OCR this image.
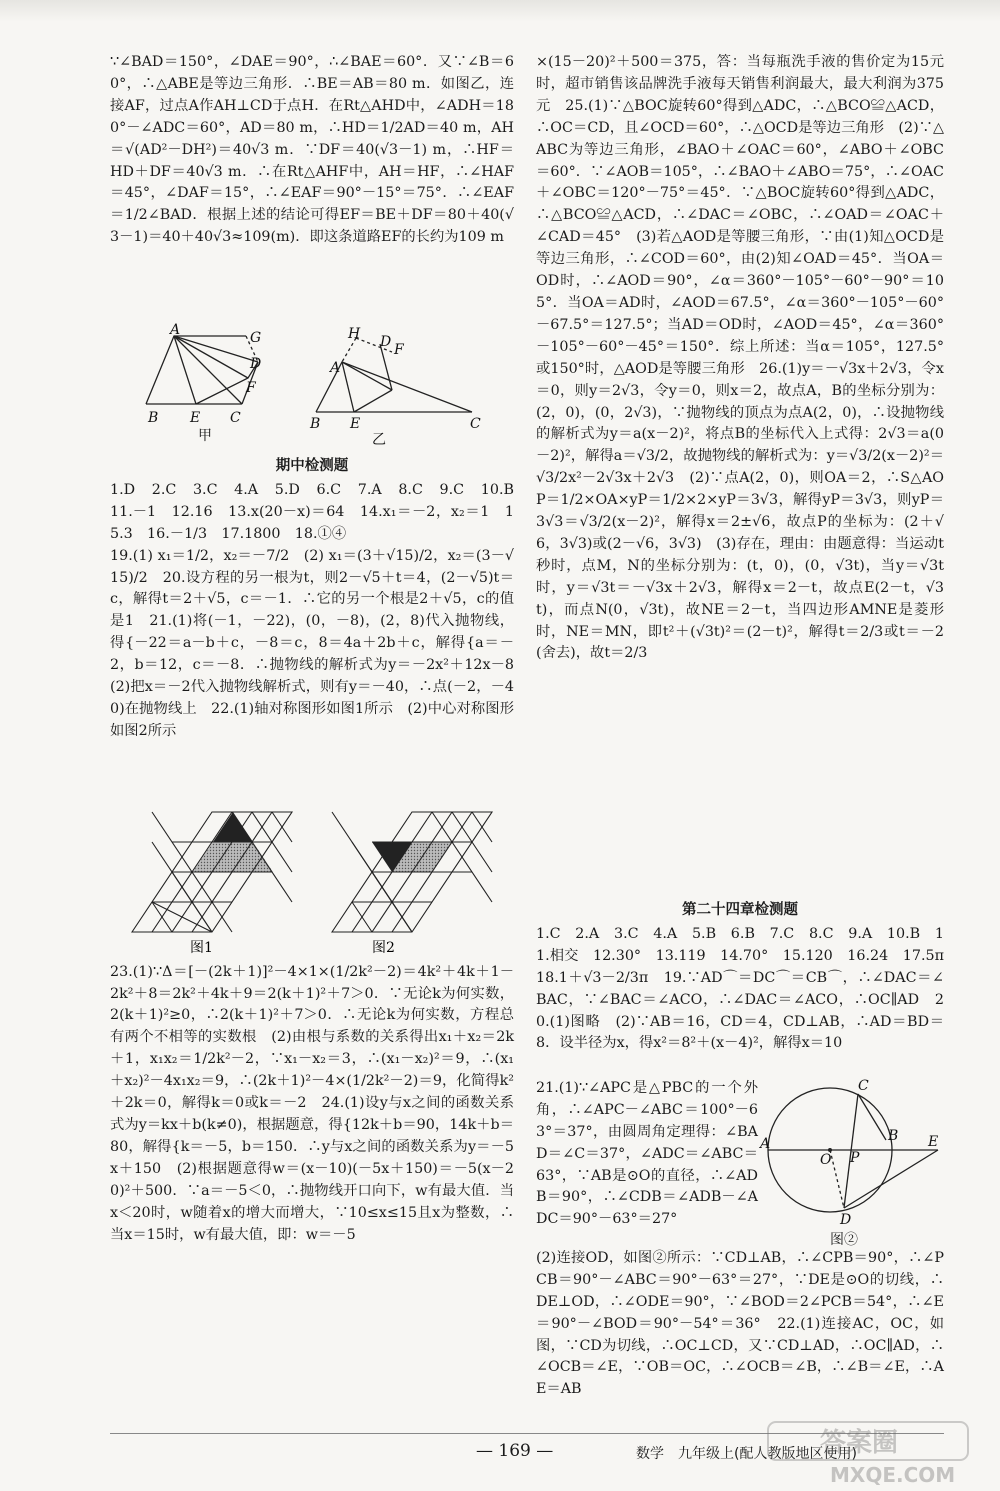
∵∠BAD＝150°，∠DAE＝90°，∴∠BAE＝60°．又∵∠B＝60°，∴△ABE是等边三角形．∴BE＝AB＝80 m．如图乙，连接AF，过点A作AH⊥CD于点H．在Rt△AHD中，∠ADH＝180°－∠ADC＝60°，AD＝80 m，∴HD＝1/2AD＝40 m，AH＝√(AD²－DH²)＝40√3 m．∵DF＝40(√3－1) m，∴HF＝HD＋DF＝40√3 m．∴在Rt△AHF中，AH＝HF，∴∠HAF＝45°，∠DAF＝15°，∴∠EAF＝90°－15°＝75°．∴∠EAF＝1/2∠BAD．根据上述的结论可得EF＝BE＋DF＝80＋40(√3－1)＝40＋40√3≈109(m)．即这条道路EF的长约为109 m

A	G
D
F
B E C
甲
H D F
A
B E	C
乙
期中检测题

1.D　2.C　3.C　4.A　5.D　6.C　7.A　8.C　9.C　10.B　11.－1　12.16　13.x(20－x)＝64　14.x₁＝－2，x₂＝1　15.3　16.－1/3　17.1800　18.①④

19.(1) x₁＝1/2，x₂＝－7/2　(2) x₁＝(3＋√15)/2，x₂＝(3－√15)/2　20.设方程的另一根为t，则2－√5＋t＝4，(2－√5)t＝c，解得t＝2＋√5，c＝－1．∴它的另一个根是2＋√5，c的值是1　21.(1)将(－1，－22)，(0，－8)，(2，8)代入抛物线，得{－22＝a－b＋c，－8＝c，8＝4a＋2b＋c，解得{a＝－2，b＝12，c＝－8．∴抛物线的解析式为y＝－2x²＋12x－8　(2)把x＝－2代入抛物线解析式，则有y＝－40，∴点(－2，－40)在抛物线上　22.(1)轴对称图形如图1所示　(2)中心对称图形如图2所示

图1	图2

23.(1)∵Δ＝[－(2k＋1)]²－4×1×(1/2k²－2)＝4k²＋4k＋1－2k²＋8＝2k²＋4k＋9＝2(k＋1)²＋7＞0．∵无论k为何实数，2(k＋1)²≥0，∴2(k＋1)²＋7＞0．∴无论k为何实数，方程总有两个不相等的实数根　(2)由根与系数的关系得出x₁＋x₂＝2k＋1，x₁x₂＝1/2k²－2，∵x₁－x₂＝3，∴(x₁－x₂)²＝9，∴(x₁＋x₂)²－4x₁x₂＝9，∴(2k＋1)²－4×(1/2k²－2)＝9，化简得k²＋2k＝0，解得k＝0或k＝－2　24.(1)设y与x之间的函数关系式为y＝kx＋b(k≠0)，根据题意，得{12k＋b＝90，14k＋b＝80，解得{k＝－5，b＝150．∴y与x之间的函数关系为y＝－5x＋150　(2)根据题意得w＝(x－10)(－5x＋150)＝－5(x－20)²＋500．∵a＝－5＜0，∴抛物线开口向下，w有最大值．当x＜20时，w随着x的增大而增大，∵10≤x≤15且x为整数，∴当x＝15时，w有最大值，即：w＝－5

×(15－20)²＋500＝375，答：当每瓶洗手液的售价定为15元时，超市销售该品牌洗手液每天销售利润最大，最大利润为375元　25.(1)∵△BOC旋转60°得到△ADC，∴△BCO≌△ACD，∴OC＝CD，且∠OCD＝60°，∴△OCD是等边三角形　(2)∵△ABC为等边三角形，∠BAO＋∠OAC＝60°，∠ABO＋∠OBC＝60°．∵∠AOB＝105°，∴∠BAO＋∠ABO＝75°，∴∠OAC＋∠OBC＝120°－75°＝45°．∵△BOC旋转60°得到△ADC，∴△BCO≌△ACD，∴∠DAC＝∠OBC，∴∠OAD＝∠OAC＋∠CAD＝45°　(3)若△AOD是等腰三角形，∵由(1)知△OCD是等边三角形，∴∠COD＝60°，由(2)知∠OAD＝45°．当OA＝OD时，∴∠AOD＝90°，∠α＝360°－105°－60°－90°＝105°．当OA＝AD时，∠AOD＝67.5°，∠α＝360°－105°－60°－67.5°＝127.5°；当AD＝OD时，∠AOD＝45°，∠α＝360°－105°－60°－45°＝150°．综上所述：当α＝105°，127.5°或150°时，△AOD是等腰三角形　26.(1)y＝－√3x＋2√3，令x＝0，则y＝2√3，令y＝0，则x＝2，故点A，B的坐标分别为：(2，0)，(0，2√3)，∵抛物线的顶点为点A(2，0)，∴设抛物线的解析式为y＝a(x－2)²，将点B的坐标代入上式得：2√3＝a(0－2)²，解得a＝√3/2，故抛物线的解析式为：y＝√3/2(x－2)²＝√3/2x²－2√3x＋2√3　(2)∵点A(2，0)，则OA＝2，∴S△AOP＝1/2×OA×yP＝1/2×2×yP＝3√3，解得yP＝3√3，则yP＝3√3＝√3/2(x－2)²，解得x＝2±√6，故点P的坐标为：(2＋√6，3√3)或(2－√6，3√3)　(3)存在，理由：由题意得：当运动t秒时，点M，N的坐标分别为：(t，0)，(0，√3t)，当y＝√3t时，y＝√3t＝－√3x＋2√3，解得x＝2－t，故点E(2－t，√3t)，而点N(0，√3t)，故NE＝2－t，当四边形AMNE是菱形时，NE＝MN，即t²＋(√3t)²＝(2－t)²，解得t＝2/3或t＝－2(舍去)，故t＝2/3

第二十四章检测题

1.C　2.A　3.C　4.A　5.B　6.B　7.C　8.C　9.A　10.B　11.相交　12.30°　13.119　14.70°　15.120　16.24　17.5π　18.1＋√3－2/3π　19.∵AD⌒＝DC⌒＝CB⌒，∴∠DAC＝∠BAC，∵∠BAC＝∠ACO，∴∠DAC＝∠ACO，∴OC∥AD　20.(1)图略　(2)∵AB＝16，CD＝4，CD⊥AB，∴AD＝BD＝8．设半径为x，得x²＝8²＋(x－4)²，解得x＝10

21.(1)∵∠APC是△PBC的一个外角，∴∠APC－∠ABC＝100°－63°＝37°，由圆周角定理得：∠BAD＝∠C＝37°，∠ADC＝∠ABC＝63°，∵AB是⊙O的直径，∴∠ADB＝90°，∴∠CDB＝∠ADB－∠ADC＝90°－63°＝27°

C
B
A
O P
E
D
图②

(2)连接OD，如图②所示：∵CD⊥AB，∴∠CPB＝90°，∴∠PCB＝90°－∠ABC＝90°－63°＝27°，∵DE是⊙O的切线，∴DE⊥OD，∴∠ODE＝90°，∵∠BOD＝2∠PCB＝54°，∴∠E＝90°－∠BOD＝90°－54°＝36°　22.(1)连接AC，OC，如图，∵CD为切线，∴OC⊥CD，又∵CD⊥AD，∴OC∥AD，∴∠OCB＝∠E，∵OB＝OC，∴∠OCB＝∠B，∴∠B＝∠E，∴AE＝AB

— 169 —	数学　九年级上(配人教版地区使用)
答案圈
MXQE.COM
